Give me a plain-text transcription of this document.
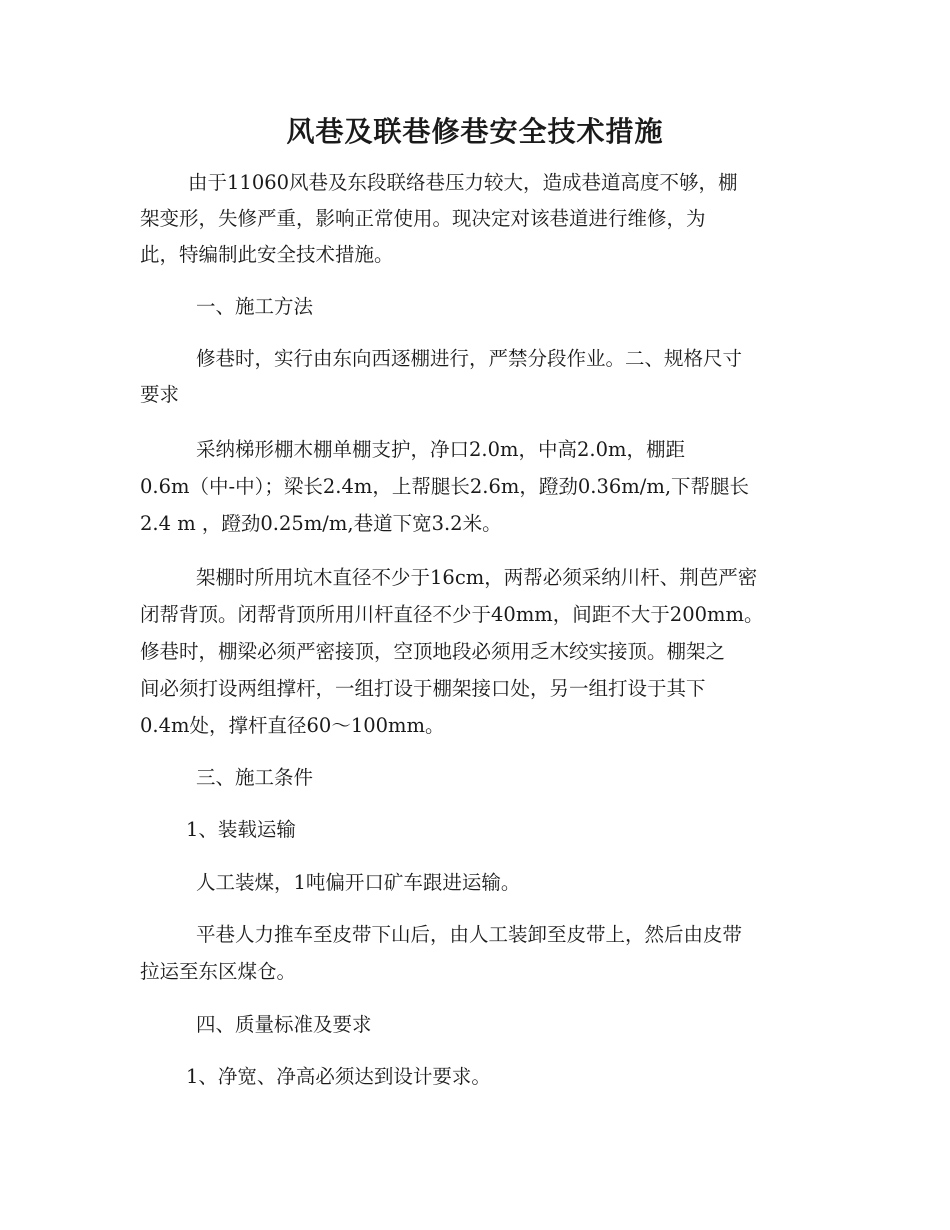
风巷及联巷修巷安全技术措施

由于11060风巷及东段联络巷压力较大，造成巷道高度不够，棚

架变形，失修严重，影响正常使用。现决定对该巷道进行维修，为

此，特编制此安全技术措施。

一、施工方法

修巷时，实行由东向西逐棚进行，严禁分段作业。二、规格尺寸

要求

采纳梯形棚木棚单棚支护，净口2.0m，中高2.0m，棚距

0.6m（中-中）；梁长2.4m，上帮腿长2.6m，蹬劲0.36m/m,下帮腿长

2.4 m ，蹬劲0.25m/m,巷道下宽3.2米。

架棚时所用坑木直径不少于16cm，两帮必须采纳川杆、荆芭严密

闭帮背顶。闭帮背顶所用川杆直径不少于40mm，间距不大于200mm。

修巷时，棚梁必须严密接顶，空顶地段必须用乏木绞实接顶。棚架之

间必须打设两组撑杆，一组打设于棚架接口处，另一组打设于其下

0.4m处，撑杆直径60～100mm。

三、施工条件

1、装载运输

人工装煤，1吨偏开口矿车跟进运输。

平巷人力推车至皮带下山后，由人工装卸至皮带上，然后由皮带

拉运至东区煤仓。

四、质量标准及要求

1、净宽、净高必须达到设计要求。
